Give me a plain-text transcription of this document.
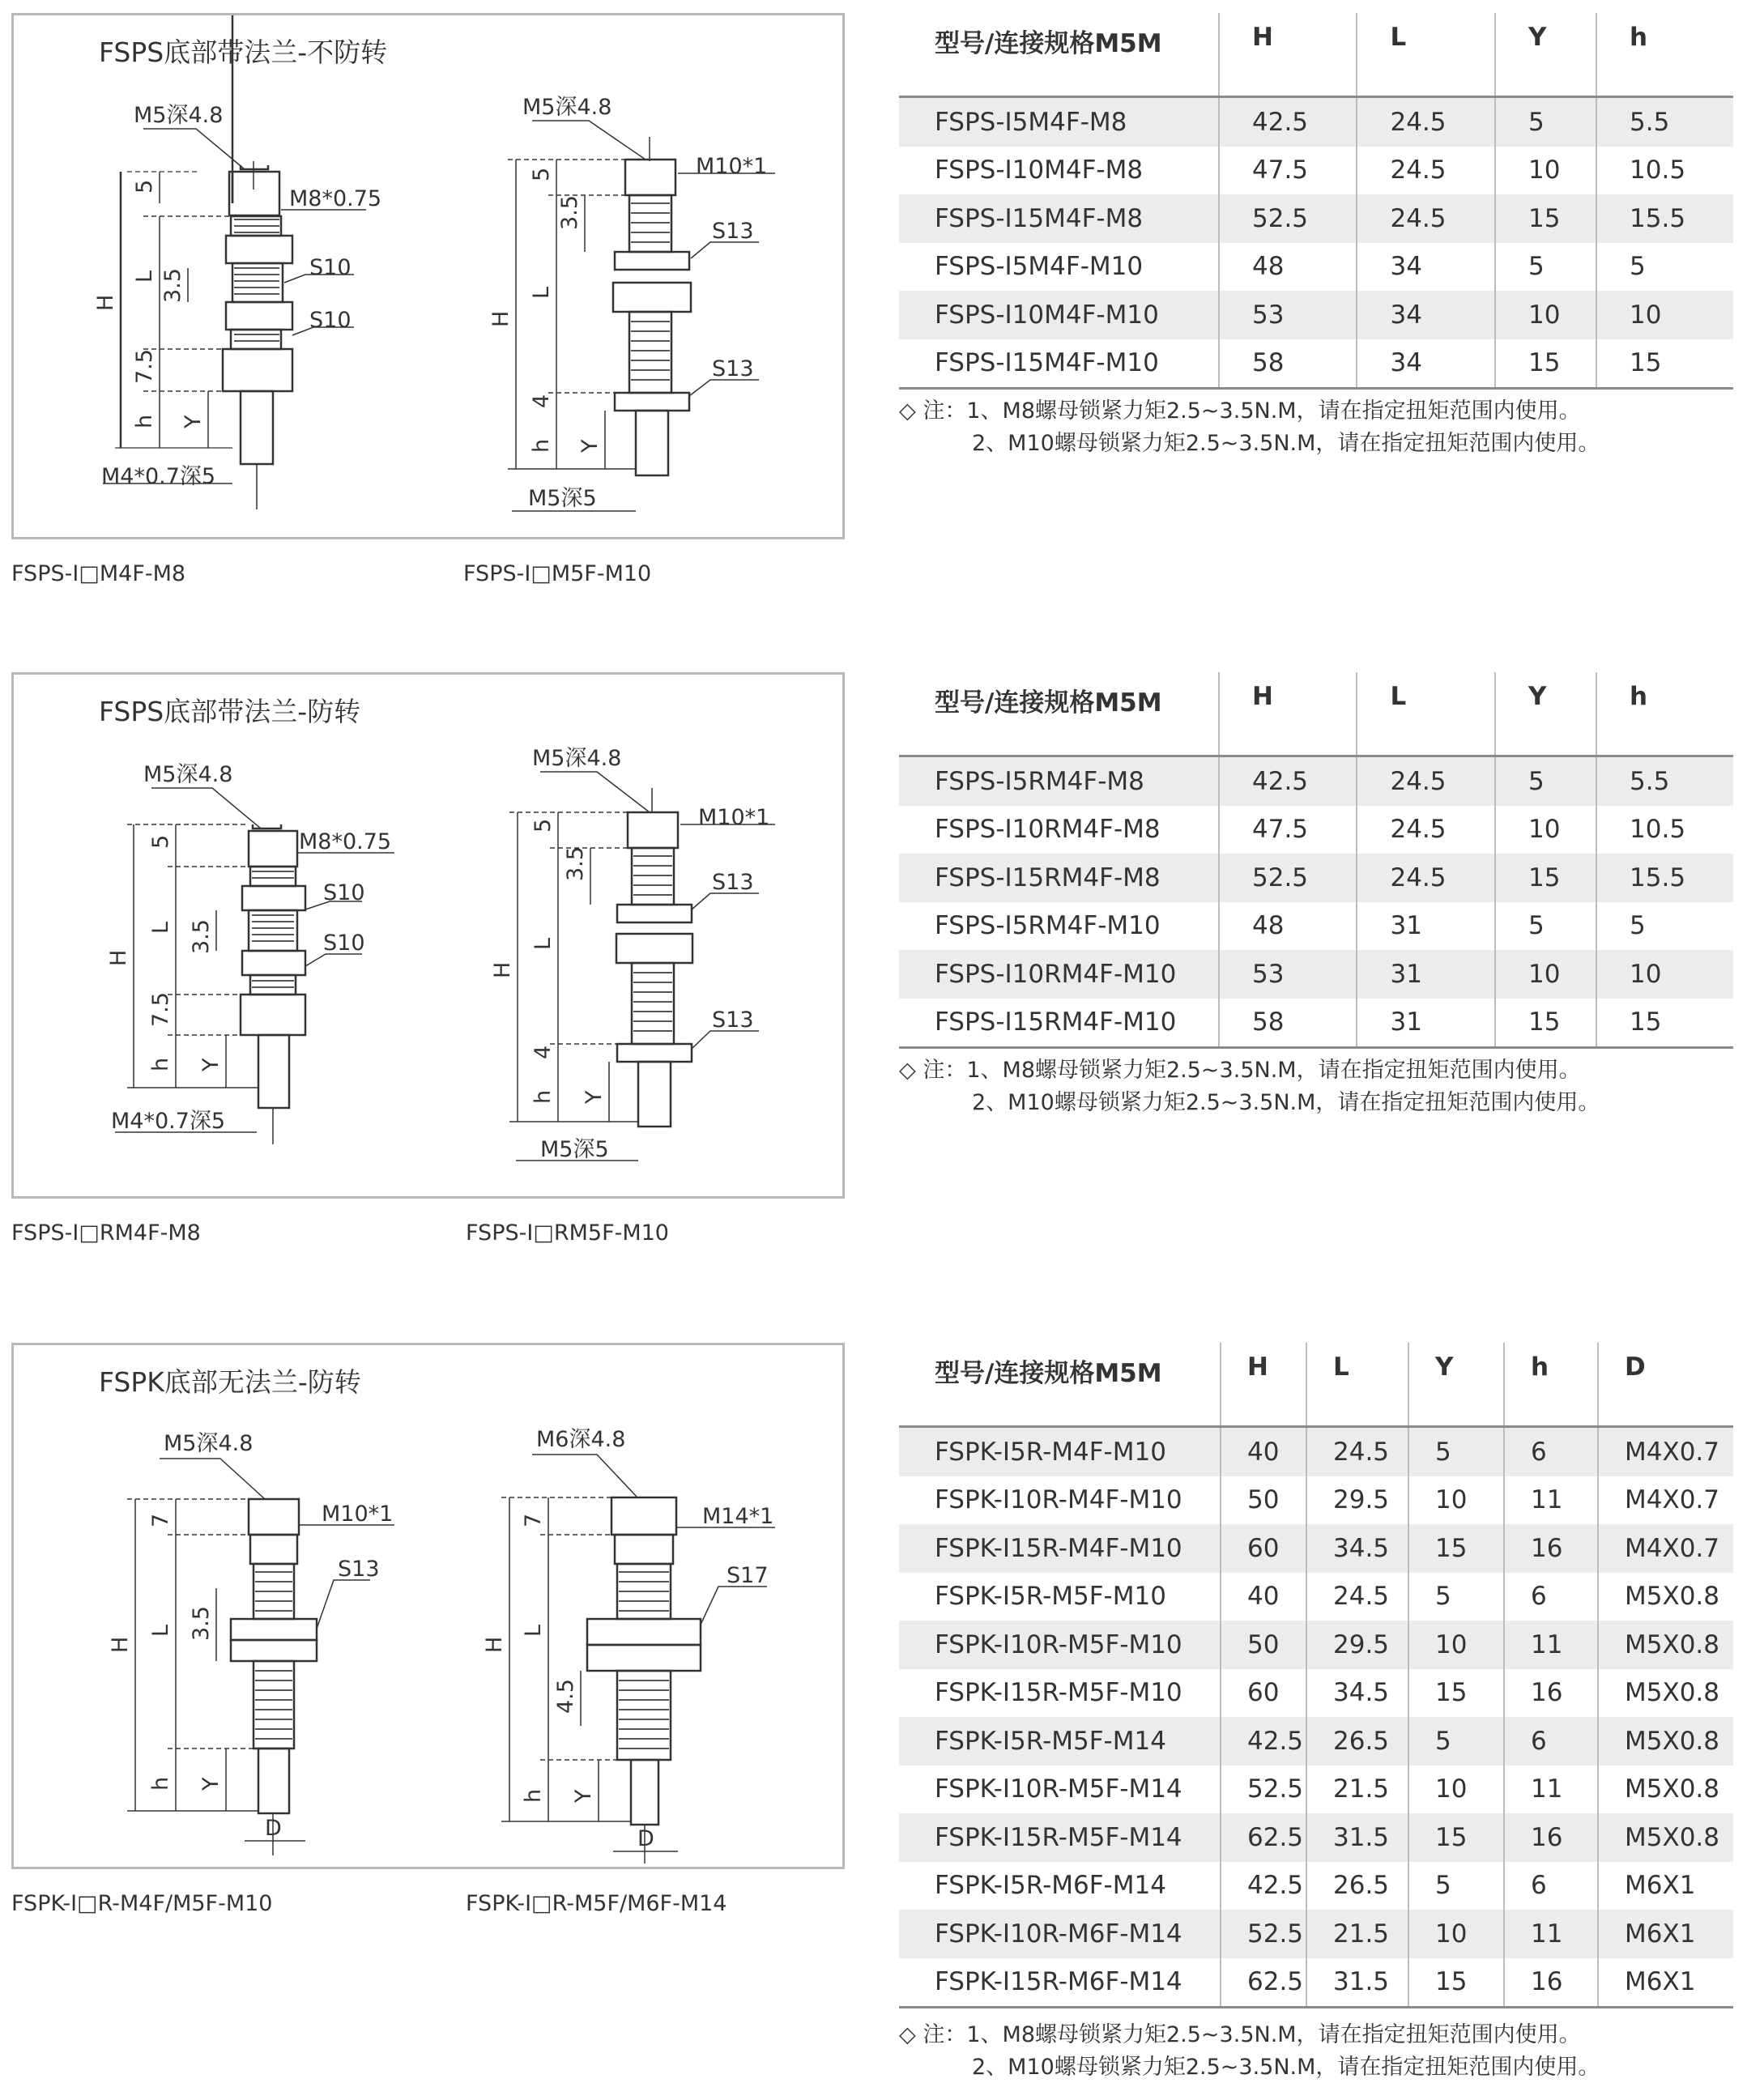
FSPS底部带法兰-不防转
M5深4.8
M8*0.75
S10
S10
M4*0.7深5
5
L 3.5
H
7.5
h Y
M5深4.8
M10*1
S13
S13
M5深5
5
3.5
L
H
4
h Y
FSPS-I□M4F-M8	FSPS-I□M5F-M10
型号/连接规格M5M	H	L	Y	h
FSPS-I5M4F-M8	42.5	24.5	5	5.5
FSPS-I10M4F-M8	47.5	24.5	10	10.5
FSPS-I15M4F-M8	52.5	24.5	15	15.5
FSPS-I5M4F-M10	48	34	5	5
FSPS-I10M4F-M10	53	34	10	10
FSPS-I15M4F-M10	58	34	15	15
◇ 注：1、M8螺母锁紧力矩2.5~3.5N.M，请在指定扭矩范围内使用。
2、M10螺母锁紧力矩2.5~3.5N.M，请在指定扭矩范围内使用。
FSPS底部带法兰-防转
M5深4.8
M8*0.75
S10
S10
M4*0.7深5
5
L 3.5
H
7.5
h Y
M5深4.8
M10*1
S13
S13
M5深5
5
3.5
L
H
4
h Y
FSPS-I□RM4F-M8	FSPS-I□RM5F-M10
型号/连接规格M5M	H	L	Y	h
FSPS-I5RM4F-M8	42.5	24.5	5	5.5
FSPS-I10RM4F-M8	47.5	24.5	10	10.5
FSPS-I15RM4F-M8	52.5	24.5	15	15.5
FSPS-I5RM4F-M10	48	31	5	5
FSPS-I10RM4F-M10	53	31	10	10
FSPS-I15RM4F-M10	58	31	15	15
◇ 注：1、M8螺母锁紧力矩2.5~3.5N.M，请在指定扭矩范围内使用。
2、M10螺母锁紧力矩2.5~3.5N.M，请在指定扭矩范围内使用。
FSPK底部无法兰-防转
M5深4.8
M10*1
S13
7
L 3.5
H
h Y
D
M6深4.8
M14*1
S17
7
L
4.5
H
h Y
D
FSPK-I□R-M4F/M5F-M10	FSPK-I□R-M5F/M6F-M14
型号/连接规格M5M	H	L	Y	h	D
FSPK-I5R-M4F-M10	40	24.5	5	6	M4X0.7
FSPK-I10R-M4F-M10	50	29.5	10	11	M4X0.7
FSPK-I15R-M4F-M10	60	34.5	15	16	M4X0.7
FSPK-I5R-M5F-M10	40	24.5	5	6	M5X0.8
FSPK-I10R-M5F-M10	50	29.5	10	11	M5X0.8
FSPK-I15R-M5F-M10	60	34.5	15	16	M5X0.8
FSPK-I5R-M5F-M14	42.5	26.5	5	6	M5X0.8
FSPK-I10R-M5F-M14	52.5	21.5	10	11	M5X0.8
FSPK-I15R-M5F-M14	62.5	31.5	15	16	M5X0.8
FSPK-I5R-M6F-M14	42.5	26.5	5	6	M6X1
FSPK-I10R-M6F-M14	52.5	21.5	10	11	M6X1
FSPK-I15R-M6F-M14	62.5	31.5	15	16	M6X1
◇ 注：1、M8螺母锁紧力矩2.5~3.5N.M，请在指定扭矩范围内使用。
2、M10螺母锁紧力矩2.5~3.5N.M，请在指定扭矩范围内使用。
